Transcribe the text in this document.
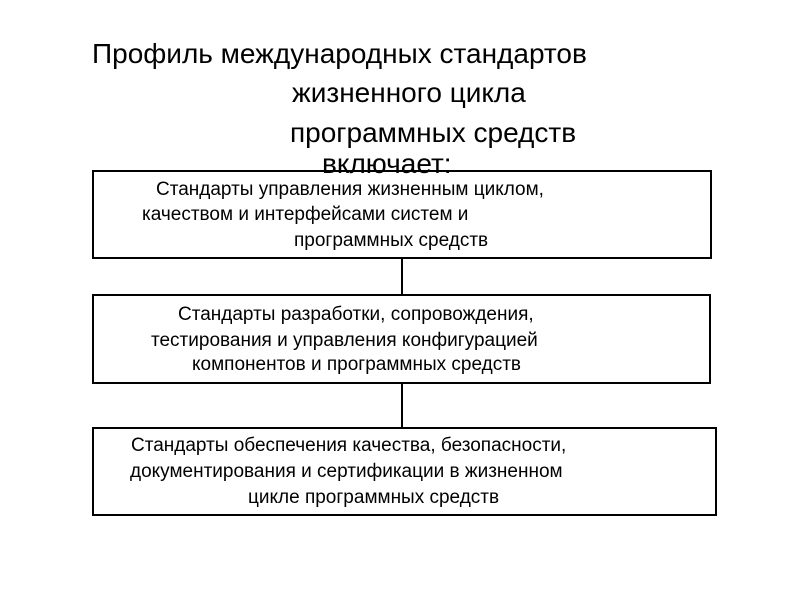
Профиль международных стандартов
жизненного цикла
программных средств
Стандарты управления жизненным циклом,
качеством и интерфейсами систем и
программных средств
включает:
Стандарты разработки, сопровождения,
тестирования и управления конфигурацией
компонентов и программных средств
Стандарты обеспечения качества, безопасности,
документирования и сертификации в жизненном
цикле программных средств
